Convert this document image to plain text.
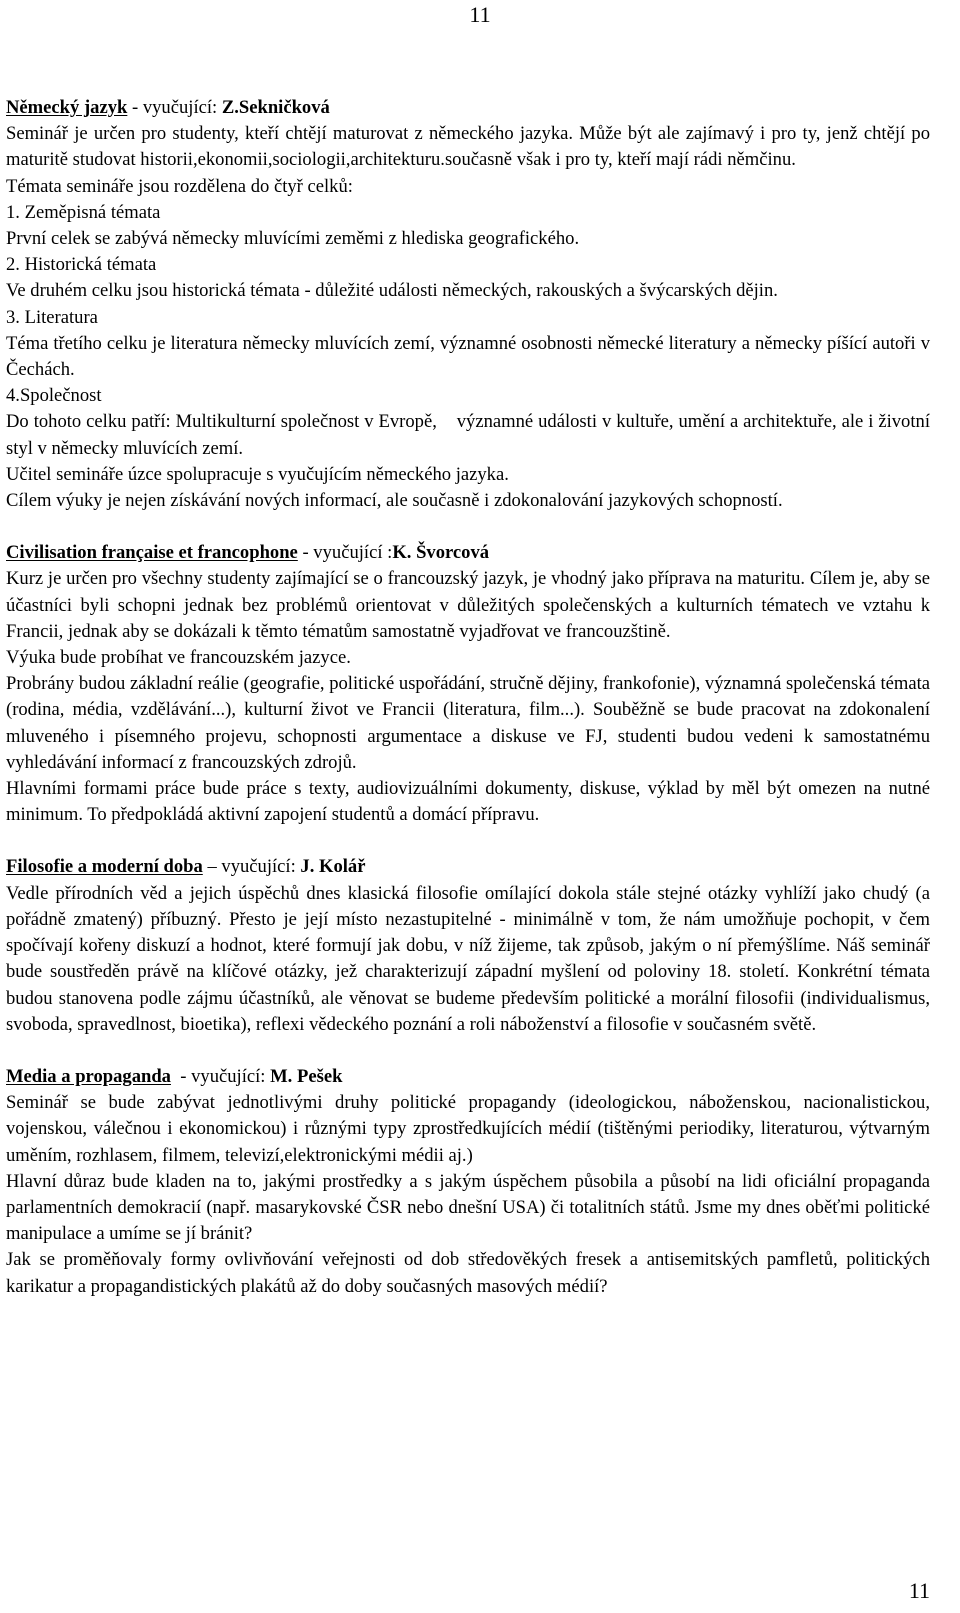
11

Německý jazyk - vyučující: Z.Sekničková

Seminář je určen pro studenty, kteří chtějí maturovat z německého jazyka. Může být ale zajímavý i pro ty, jenž chtějí po maturitě studovat historii,ekonomii,sociologii,architekturu.současně však i pro ty, kteří mají rádi němčinu.

Témata semináře jsou rozdělena do čtyř celků:

1. Zeměpisná témata

První celek se zabývá německy mluvícími zeměmi z hlediska geografického.

2. Historická témata

Ve druhém celku jsou historická témata - důležité události německých, rakouských a švýcarských dějin.

3. Literatura

Téma třetího celku je literatura německy mluvících zemí, významné osobnosti německé literatury a německy píšící autoři v Čechách.

4.Společnost

Do tohoto celku patří: Multikulturní společnost v Evropě,    významné události v kultuře, umění a architektuře, ale i životní styl v německy mluvících zemí.

Učitel semináře úzce spolupracuje s vyučujícím německého jazyka.

Cílem výuky je nejen získávání nových informací, ale současně i zdokonalování jazykových schopností.

Civilisation française et francophone - vyučující :K. Švorcová

Kurz je určen pro všechny studenty zajímající se o francouzský jazyk, je vhodný jako příprava na maturitu. Cílem je, aby se účastníci byli schopni jednak bez problémů orientovat v důležitých společenských a kulturních tématech ve vztahu k Francii, jednak aby se dokázali k těmto tématům samostatně vyjadřovat ve francouzštině.

Výuka bude probíhat ve francouzském jazyce.

Probrány budou základní reálie (geografie, politické uspořádání, stručně dějiny, frankofonie), významná společenská témata (rodina, média, vzdělávání...), kulturní život ve Francii (literatura, film...). Souběžně se bude pracovat na zdokonalení mluveného i písemného projevu, schopnosti argumentace a diskuse ve FJ, studenti budou vedeni k samostatnému vyhledávání informací z francouzských zdrojů.

Hlavními formami práce bude práce s texty, audiovizuálními dokumenty, diskuse, výklad by měl být omezen na nutné minimum. To předpokládá aktivní zapojení studentů a domácí přípravu.

Filosofie a moderní doba – vyučující: J. Kolář

Vedle přírodních věd a jejich úspěchů dnes klasická filosofie omílající dokola stále stejné otázky vyhlíží jako chudý (a pořádně zmatený) příbuzný. Přesto je její místo nezastupitelné - minimálně v tom, že nám umožňuje pochopit, v čem spočívají kořeny diskuzí a hodnot, které formují jak dobu, v níž žijeme, tak způsob, jakým o ní přemýšlíme. Náš seminář bude soustředěn právě na klíčové otázky, jež charakterizují západní myšlení od poloviny 18. století. Konkrétní témata budou stanovena podle zájmu účastníků, ale věnovat se budeme především politické a morální filosofii (individualismus, svoboda, spravedlnost, bioetika), reflexi vědeckého poznání a roli náboženství a filosofie v současném světě.

Media a propaganda  - vyučující: M. Pešek

Seminář se bude zabývat jednotlivými druhy politické propagandy (ideologickou, náboženskou, nacionalistickou, vojenskou, válečnou i ekonomickou) i různými typy zprostředkujících médií (tištěnými periodiky, literaturou, výtvarným uměním, rozhlasem, filmem, televizí,elektronickými médii aj.)

Hlavní důraz bude kladen na to, jakými prostředky a s jakým úspěchem působila a působí na lidi oficiální propaganda parlamentních demokracií (např. masarykovské ČSR nebo dnešní USA) či totalitních států. Jsme my dnes oběťmi politické manipulace a umíme se jí bránit?

Jak se proměňovaly formy ovlivňování veřejnosti od dob středověkých fresek a antisemitských pamfletů, politických karikatur a propagandistických plakátů až do doby současných masových médií?

11
